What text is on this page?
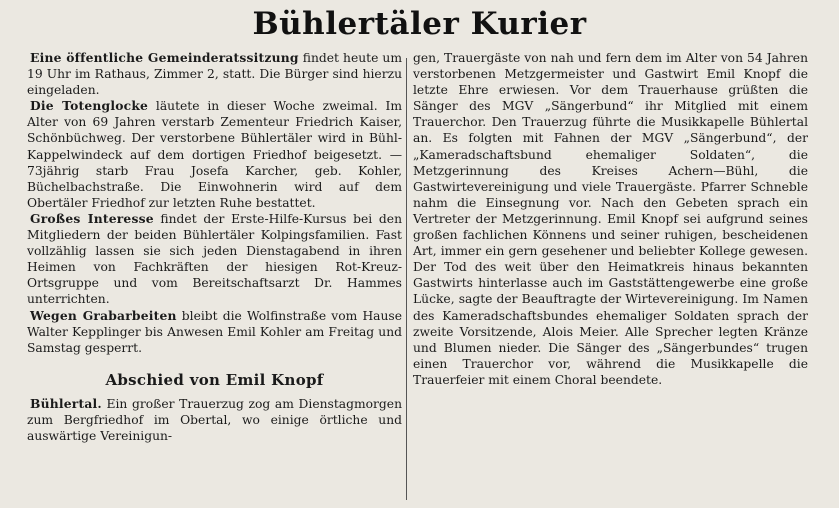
Bühlertäler Kurier

Eine öffentliche Gemeinderatssitzung findet heute um 19 Uhr im Rathaus, Zimmer 2, statt. Die Bürger sind hierzu eingeladen.

Die Totenglocke läutete in dieser Woche zweimal. Im Alter von 69 Jahren verstarb Zementeur Friedrich Kaiser, Schönbüchweg. Der verstorbene Bühlertäler wird in Bühl-Kappelwindeck auf dem dortigen Friedhof beigesetzt. — 73jährig starb Frau Josefa Karcher, geb. Kohler, Büchelbachstraße. Die Einwohnerin wird auf dem Obertäler Friedhof zur letzten Ruhe bestattet.

Großes Interesse findet der Erste-Hilfe-Kursus bei den Mitgliedern der beiden Bühlertäler Kolpingsfamilien. Fast vollzählig lassen sie sich jeden Dienstagabend in ihren Heimen von Fachkräften der hiesigen Rot-Kreuz-Ortsgruppe und vom Bereitschaftsarzt Dr. Hammes unterrichten.

Wegen Grabarbeiten bleibt die Wolfinstraße vom Hause Walter Kepplinger bis Anwesen Emil Kohler am Freitag und Samstag gesperrt.

Abschied von Emil Knopf

Bühlertal. Ein großer Trauerzug zog am Dienstagmorgen zum Bergfriedhof im Obertal, wo einige örtliche und auswärtige Vereinigun-

gen, Trauergäste von nah und fern dem im Alter von 54 Jahren verstorbenen Metzgermeister und Gastwirt Emil Knopf die letzte Ehre erwiesen. Vor dem Trauerhause grüßten die Sänger des MGV „Sängerbund“ ihr Mitglied mit einem Trauerchor. Den Trauerzug führte die Musikkapelle Bühlertal an. Es folgten mit Fahnen der MGV „Sängerbund“, der „Kameradschaftsbund ehemaliger Soldaten“, die Metzgerinnung des Kreises Achern—Bühl, die Gastwirtevereinigung und viele Trauergäste. Pfarrer Schneble nahm die Einsegnung vor. Nach den Gebeten sprach ein Vertreter der Metzgerinnung. Emil Knopf sei aufgrund seines großen fachlichen Könnens und seiner ruhigen, bescheidenen Art, immer ein gern gesehener und beliebter Kollege gewesen. Der Tod des weit über den Heimatkreis hinaus bekannten Gastwirts hinterlasse auch im Gaststättengewerbe eine große Lücke, sagte der Beauftragte der Wirtevereinigung. Im Namen des Kameradschaftsbundes ehemaliger Soldaten sprach der zweite Vorsitzende, Alois Meier. Alle Sprecher legten Kränze und Blumen nieder. Die Sänger des „Sängerbundes“ trugen einen Trauerchor vor, während die Musikkapelle die Trauerfeier mit einem Choral beendete.
